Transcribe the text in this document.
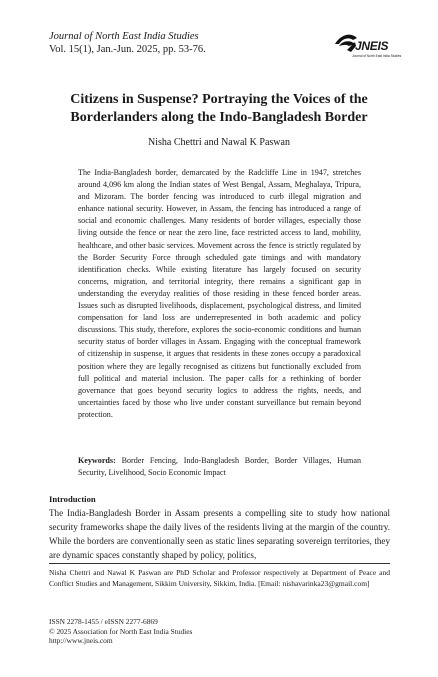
Journal of North East India Studies
Vol. 15(1), Jan.-Jun. 2025, pp. 53-76.	JNEIS
Journal of North East India Studies
Citizens in Suspense? Portraying the Voices of the Borderlanders along the Indo-Bangladesh Border
Nisha Chettri and Nawal K Paswan

The India-Bangladesh border, demarcated by the Radcliffe Line in 1947, stretches around 4,096 km along the Indian states of West Bengal, Assam, Meghalaya, Tripura, and Mizoram. The border fencing was introduced to curb illegal migration and enhance national security. However, in Assam, the fencing has introduced a range of social and economic challenges. Many residents of border villages, especially those living outside the fence or near the zero line, face restricted access to land, mobility, healthcare, and other basic services. Movement across the fence is strictly regulated by the Border Security Force through scheduled gate timings and with mandatory identification checks. While existing literature has largely focused on security concerns, migration, and territorial integrity, there remains a significant gap in understanding the everyday realities of those residing in these fenced border areas. Issues such as disrupted livelihoods, displacement, psychological distress, and limited compensation for land loss are underrepresented in both academic and policy discussions. This study, therefore, explores the socio-economic conditions and human security status of border villages in Assam. Engaging with the conceptual framework of citizenship in suspense, it argues that residents in these zones occupy a paradoxical position where they are legally recognised as citizens but functionally excluded from full political and material inclusion. The paper calls for a rethinking of border governance that goes beyond security logics to address the rights, needs, and uncertainties faced by those who live under constant surveillance but remain beyond protection.

Keywords: Border Fencing, Indo-Bangladesh Border, Border Villages, Human Security, Livelihood, Socio Economic Impact
Introduction

The India-Bangladesh Border in Assam presents a compelling site to study how national security frameworks shape the daily lives of the residents living at the margin of the country. While the borders are conventionally seen as static lines separating sovereign territories, they are dynamic spaces constantly shaped by policy, politics,

Nisha Chettri and Nawal K Paswan are PhD Scholar and Professor respectively at Department of Peace and Conflict Studies and Management, Sikkim University, Sikkim, India. [Email: nishavarinka23@gmail.com]
ISSN 2278-1455 / eISSN 2277-6869
© 2025 Association for North East India Studies
http://www.jneis.com
